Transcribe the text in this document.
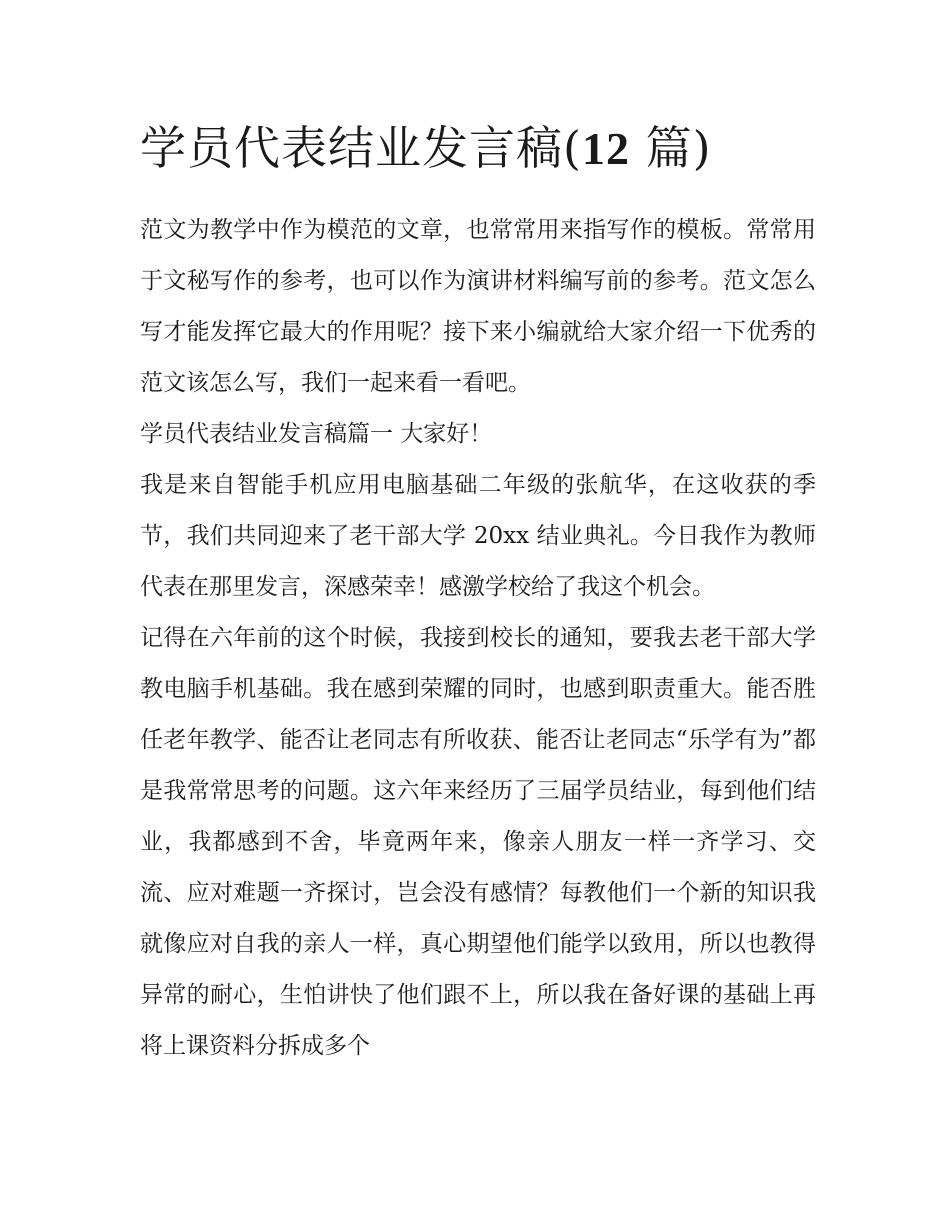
学员代表结业发言稿(12 篇)

范文为教学中作为模范的文章，也常常用来指写作的模板。常常用于文秘写作的参考，也可以作为演讲材料编写前的参考。范文怎么写才能发挥它最大的作用呢？接下来小编就给大家介绍一下优秀的范文该怎么写，我们一起来看一看吧。

学员代表结业发言稿篇一 大家好！

我是来自智能手机应用电脑基础二年级的张航华，在这收获的季节，我们共同迎来了老干部大学 20xx 结业典礼。今日我作为教师代表在那里发言，深感荣幸！感激学校给了我这个机会。

记得在六年前的这个时候，我接到校长的通知，要我去老干部大学教电脑手机基础。我在感到荣耀的同时，也感到职责重大。能否胜任老年教学、能否让老同志有所收获、能否让老同志“乐学有为”都是我常常思考的问题。这六年来经历了三届学员结业，每到他们结业，我都感到不舍，毕竟两年来，像亲人朋友一样一齐学习、交流、应对难题一齐探讨，岂会没有感情？每教他们一个新的知识我就像应对自我的亲人一样，真心期望他们能学以致用，所以也教得异常的耐心，生怕讲快了他们跟不上，所以我在备好课的基础上再将上课资料分拆成多个
